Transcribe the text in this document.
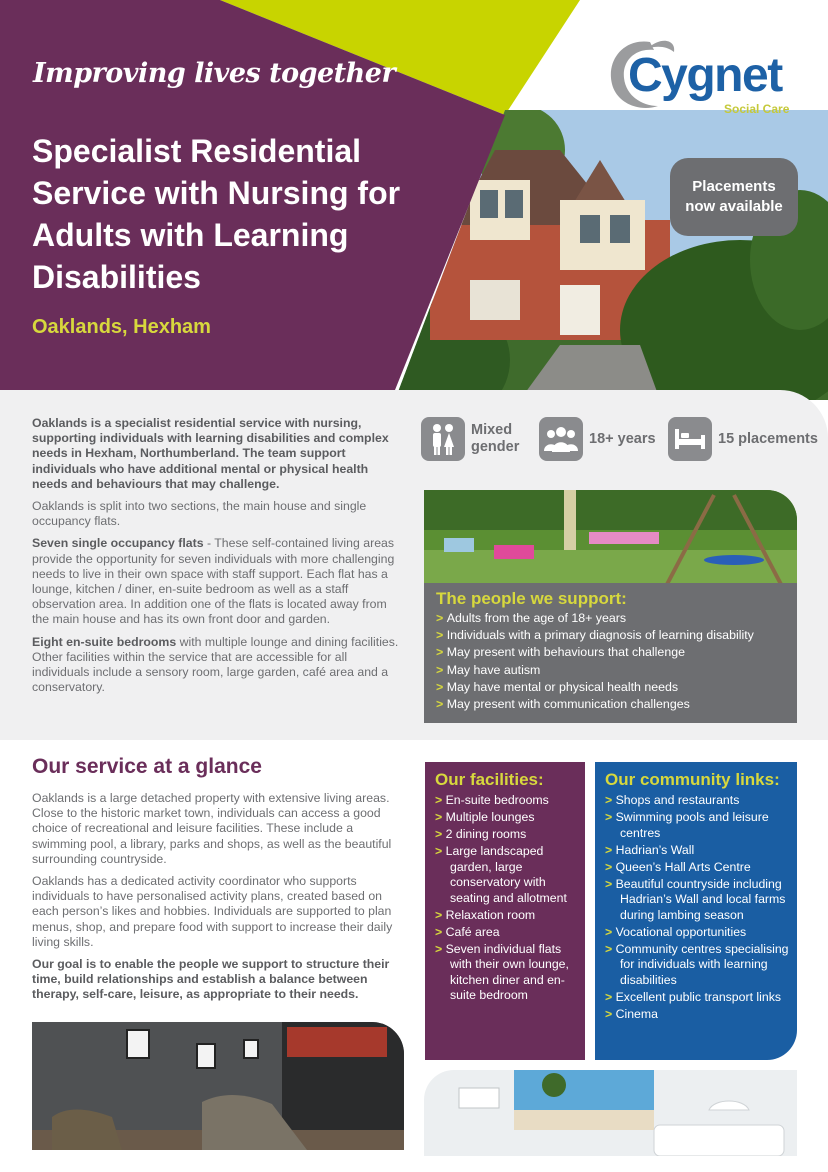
Improving lives together
Specialist Residential Service with Nursing for Adults with Learning Disabilities
Oaklands, Hexham
Cygnet
Social Care
Placements
now available

Oaklands is a specialist residential service with nursing, supporting individuals with learning disabilities and complex needs in Hexham, Northumberland. The team support individuals who have additional mental or physical health needs and behaviours that may challenge.

Oaklands is split into two sections, the main house and single occupancy flats.

Seven single occupancy flats - These self-contained living areas provide the opportunity for seven individuals with more challenging needs to live in their own space with staff support. Each flat has a lounge, kitchen / diner, en-suite bedroom as well as a staff observation area. In addition one of the flats is located away from the main house and has its own front door and garden.

Eight en-suite bedrooms with multiple lounge and dining facilities. Other facilities within the service that are accessible for all individuals include a sensory room, large garden, café area and a conservatory.

Mixed
gender
18+ years	15 placements
The people we support:
> Adults from the age of 18+ years
> Individuals with a primary diagnosis of learning disability
> May present with behaviours that challenge
> May have autism
> May have mental or physical health needs
> May present with communication challenges
Our service at a glance

Oaklands is a large detached property with extensive living areas. Close to the historic market town, individuals can access a good choice of recreational and leisure facilities. These include a swimming pool, a library, parks and shops, as well as the beautiful surrounding countryside.

Oaklands has a dedicated activity coordinator who supports individuals to have personalised activity plans, created based on each person’s likes and hobbies. Individuals are supported to plan menus, shop, and prepare food with support to increase their daily living skills.

Our goal is to enable the people we support to structure their time, build relationships and establish a balance between therapy, self-care, leisure, as appropriate to their needs.

Our facilities:
> En-suite bedrooms
> Multiple lounges
> 2 dining rooms
> Large landscaped garden, large conservatory with seating and allotment
> Relaxation room
> Café area
> Seven individual flats with their own lounge, kitchen diner and en-suite bedroom
Our community links:
> Shops and restaurants
> Swimming pools and leisure centres
> Hadrian’s Wall
> Queen’s Hall Arts Centre
> Beautiful countryside including Hadrian’s Wall and local farms during lambing season
> Vocational opportunities
> Community centres specialising for individuals with learning disabilities
> Excellent public transport links
> Cinema
